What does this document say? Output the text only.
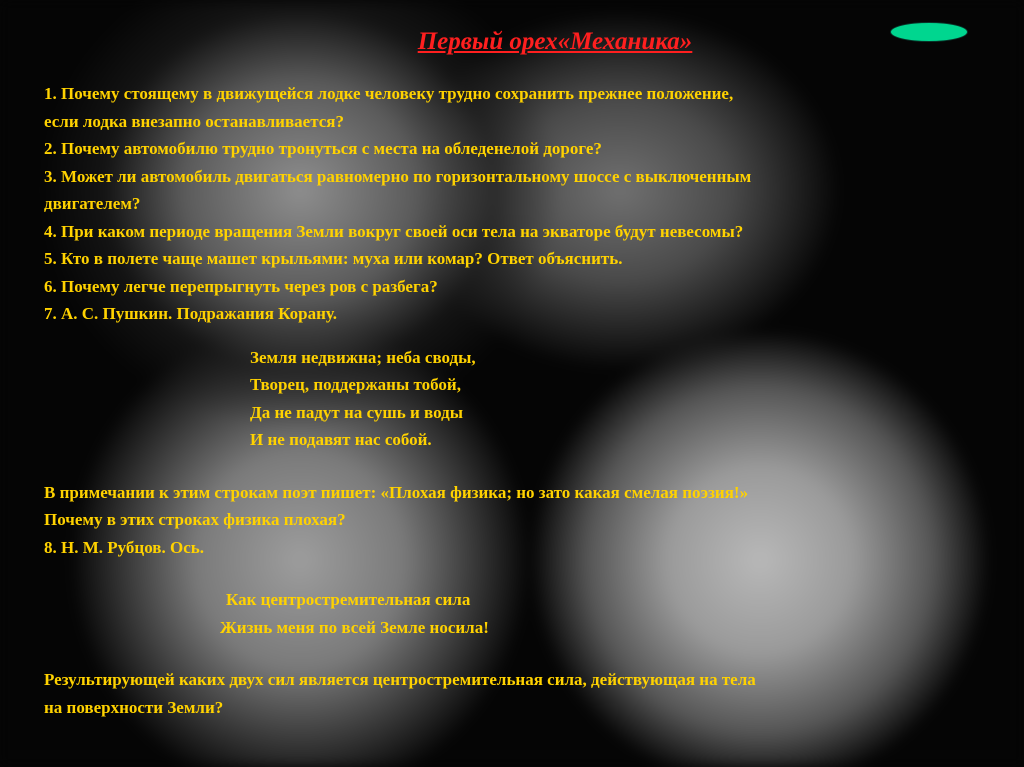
Первый орех«Механика»

1. Почему стоящему в движущейся лодке человеку трудно сохранить прежнее положение,

если лодка внезапно останавливается?

2. Почему автомобилю трудно тронуться с места на обледенелой дороге?

3. Может ли автомобиль двигаться равномерно по горизонтальному шоссе с выключенным

двигателем?

4. При каком периоде вращения Земли вокруг своей оси тела на экваторе будут невесомы?

5. Кто в полете чаще машет крыльями: муха или комар? Ответ объяснить.

6. Почему легче перепрыгнуть через ров с разбега?

7. А. С. Пушкин. Подражания Корану.

Земля недвижна; неба своды,

Творец, поддержаны тобой,

Да не падут на сушь и воды

И не подавят нас собой.

В примечании к этим строкам поэт пишет: «Плохая физика; но зато какая смелая поэзия!»

Почему в этих строках физика плохая?

8. Н. М. Рубцов. Ось.

Как центростремительная сила

Жизнь меня по всей Земле носила!

Результирующей каких двух сил является центростремительная сила, действующая на тела

на поверхности Земли?
